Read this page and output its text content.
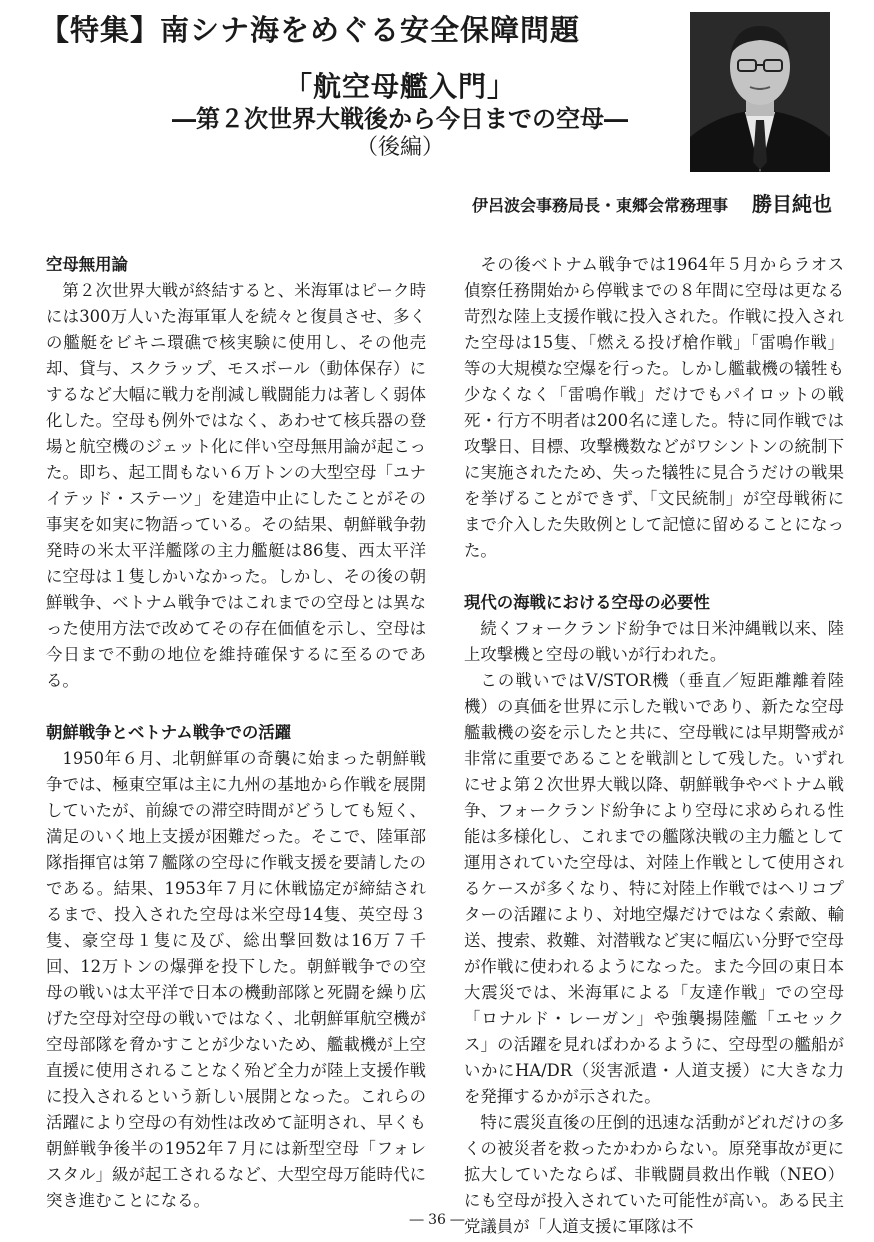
【特集】南シナ海をめぐる安全保障問題
「航空母艦入門」
―第２次世界大戦後から今日までの空母―
（後編）
伊呂波会事務局長・東郷会常務理事 勝目純也
空母無用論

第２次世界大戦が終結すると、米海軍はピーク時には300万人いた海軍軍人を続々と復員させ、多くの艦艇をビキニ環礁で核実験に使用し、その他売却、貸与、スクラップ、モスボール（動体保存）にするなど大幅に戦力を削減し戦闘能力は著しく弱体化した。空母も例外ではなく、あわせて核兵器の登場と航空機のジェット化に伴い空母無用論が起こった。即ち、起工間もない６万トンの大型空母「ユナイテッド・ステーツ」を建造中止にしたことがその事実を如実に物語っている。その結果、朝鮮戦争勃発時の米太平洋艦隊の主力艦艇は86隻、西太平洋に空母は１隻しかいなかった。しかし、その後の朝鮮戦争、ベトナム戦争ではこれまでの空母とは異なった使用方法で改めてその存在価値を示し、空母は今日まで不動の地位を維持確保するに至るのである。

朝鮮戦争とベトナム戦争での活躍

1950年６月、北朝鮮軍の奇襲に始まった朝鮮戦争では、極東空軍は主に九州の基地から作戦を展開していたが、前線での滞空時間がどうしても短く、満足のいく地上支援が困難だった。そこで、陸軍部隊指揮官は第７艦隊の空母に作戦支援を要請したのである。結果、1953年７月に休戦協定が締結されるまで、投入された空母は米空母14隻、英空母３隻、豪空母１隻に及び、総出撃回数は16万７千回、12万トンの爆弾を投下した。朝鮮戦争での空母の戦いは太平洋で日本の機動部隊と死闘を繰り広げた空母対空母の戦いではなく、北朝鮮軍航空機が空母部隊を脅かすことが少ないため、艦載機が上空直援に使用されることなく殆ど全力が陸上支援作戦に投入されるという新しい展開となった。これらの活躍により空母の有効性は改めて証明され、早くも朝鮮戦争後半の1952年７月には新型空母「フォレスタル」級が起工されるなど、大型空母万能時代に突き進むことになる。

その後ベトナム戦争では1964年５月からラオス偵察任務開始から停戦までの８年間に空母は更なる苛烈な陸上支援作戦に投入された。作戦に投入された空母は15隻、「燃える投げ槍作戦」「雷鳴作戦」等の大規模な空爆を行った。しかし艦載機の犠牲も少なくなく「雷鳴作戦」だけでもパイロットの戦死・行方不明者は200名に達した。特に同作戦では攻撃日、目標、攻撃機数などがワシントンの統制下に実施されたため、失った犠牲に見合うだけの戦果を挙げることができず、「文民統制」が空母戦術にまで介入した失敗例として記憶に留めることになった。

現代の海戦における空母の必要性

続くフォークランド紛争では日米沖縄戦以来、陸上攻撃機と空母の戦いが行われた。

この戦いではV/STOR機（垂直／短距離離着陸機）の真価を世界に示した戦いであり、新たな空母艦載機の姿を示したと共に、空母戦には早期警戒が非常に重要であることを戦訓として残した。いずれにせよ第２次世界大戦以降、朝鮮戦争やベトナム戦争、フォークランド紛争により空母に求められる性能は多様化し、これまでの艦隊決戦の主力艦として運用されていた空母は、対陸上作戦として使用されるケースが多くなり、特に対陸上作戦ではヘリコプターの活躍により、対地空爆だけではなく索敵、輸送、捜索、救難、対潜戦など実に幅広い分野で空母が作戦に使われるようになった。また今回の東日本大震災では、米海軍による「友達作戦」での空母「ロナルド・レーガン」や強襲揚陸艦「エセックス」の活躍を見ればわかるように、空母型の艦船がいかにHA/DR（災害派遣・人道支援）に大きな力を発揮するかが示された。

特に震災直後の圧倒的迅速な活動がどれだけの多くの被災者を救ったかわからない。原発事故が更に拡大していたならば、非戦闘員救出作戦（NEO）にも空母が投入されていた可能性が高い。ある民主党議員が「人道支援に軍隊は不

― 36 ―
